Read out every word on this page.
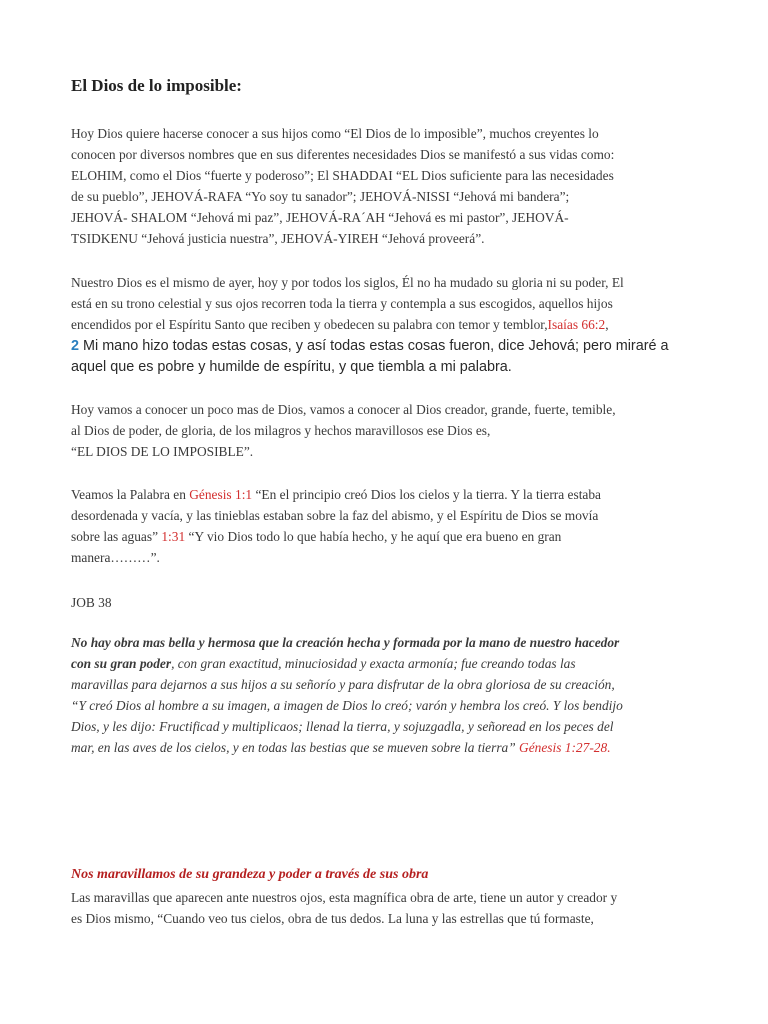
El Dios de lo imposible:

Hoy Dios quiere hacerse conocer a sus hijos como “El Dios de lo imposible”, muchos creyentes lo
conocen por diversos nombres que en sus diferentes necesidades Dios se manifestó a sus vidas como:
ELOHIM, como el Dios “fuerte y poderoso”; El SHADDAI “EL Dios suficiente para las necesidades
de su pueblo”, JEHOVÁ-RAFA “Yo soy tu sanador”; JEHOVÁ-NISSI “Jehová mi bandera”;
JEHOVÁ- SHALOM “Jehová mi paz”, JEHOVÁ-RA´AH “Jehová es mi pastor”, JEHOVÁ-
TSIDKENU “Jehová justicia nuestra”, JEHOVÁ-YIREH “Jehová proveerá”.

Nuestro Dios es el mismo de ayer, hoy y por todos los siglos, Él no ha mudado su gloria ni su poder, El
está en su trono celestial y sus ojos recorren toda la tierra y contempla a sus escogidos, aquellos hijos
encendidos por el Espíritu Santo que reciben y obedecen su palabra con temor y temblor,Isaías 66:2,
2 Mi mano hizo todas estas cosas, y así todas estas cosas fueron, dice Jehová; pero miraré a
aquel que es pobre y humilde de espíritu, y que tiembla a mi palabra.

Hoy vamos a conocer un poco mas de Dios, vamos a conocer al Dios creador, grande, fuerte, temible,
al Dios de poder, de gloria, de los milagros y hechos maravillosos ese Dios es,
“EL DIOS DE LO IMPOSIBLE”.

Veamos la Palabra en Génesis 1:1 “En el principio creó Dios los cielos y la tierra. Y la tierra estaba
desordenada y vacía, y las tinieblas estaban sobre la faz del abismo, y el Espíritu de Dios se movía
sobre las aguas” 1:31 “Y vio Dios todo lo que había hecho, y he aquí que era bueno en gran
manera………”.

JOB 38

No hay obra mas bella y hermosa que la creación hecha y formada por la mano de nuestro hacedor
con su gran poder, con gran exactitud, minuciosidad y exacta armonía; fue creando todas las
maravillas para dejarnos a sus hijos a su señorío y para disfrutar de la obra gloriosa de su creación,
“Y creó Dios al hombre a su imagen, a imagen de Dios lo creó; varón y hembra los creó. Y los bendijo
Dios, y les dijo: Fructificad y multiplicaos; llenad la tierra, y sojuzgadla, y señoread en los peces del
mar, en las aves de los cielos, y en todas las bestias que se mueven sobre la tierra” Génesis 1:27-28.

Nos maravillamos de su grandeza y poder a través de sus obra

Las maravillas que aparecen ante nuestros ojos, esta magnífica obra de arte, tiene un autor y creador y
es Dios mismo, “Cuando veo tus cielos, obra de tus dedos. La luna y las estrellas que tú formaste,
